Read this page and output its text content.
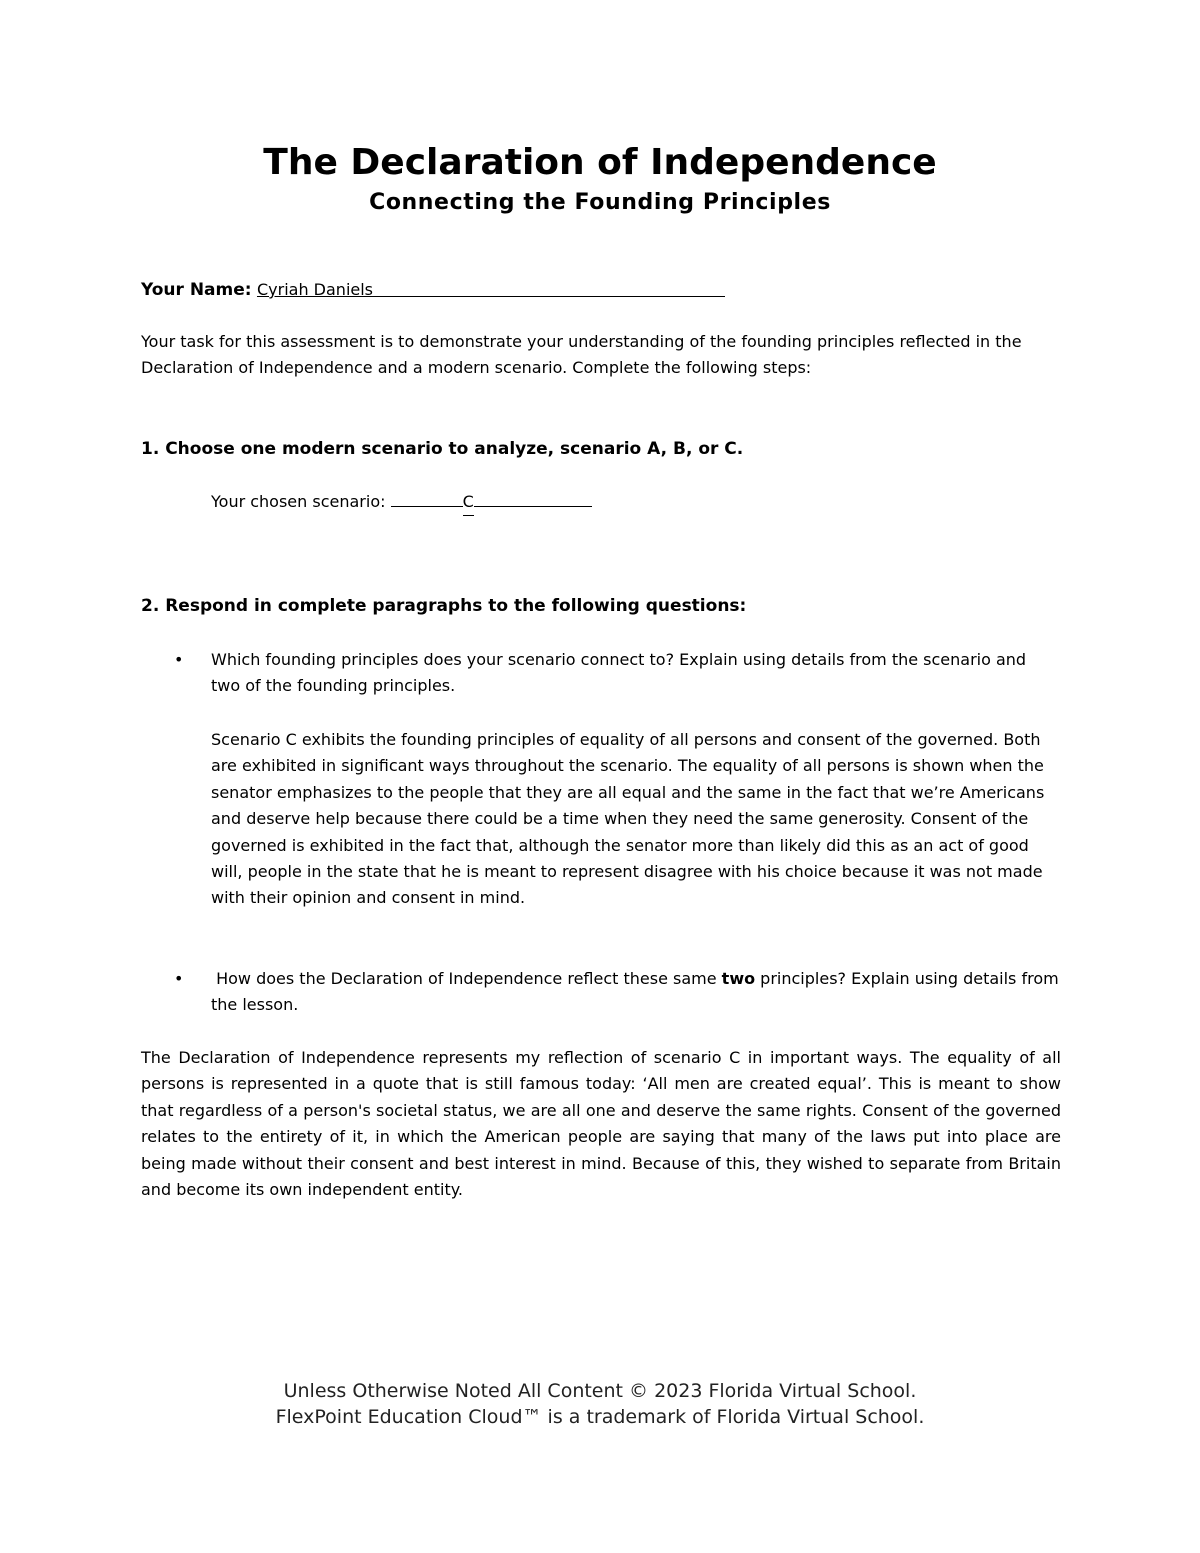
The Declaration of Independence
Connecting the Founding Principles
Your Name: Cyriah Daniels

Your task for this assessment is to demonstrate your understanding of the founding principles reflected in the Declaration of Independence and a modern scenario. Complete the following steps:

1. Choose one modern scenario to analyze, scenario A, B, or C.

Your chosen scenario:	C

2. Respond in complete paragraphs to the following questions:

• Which founding principles does your scenario connect to? Explain using details from the scenario and two of the founding principles.

Scenario C exhibits the founding principles of equality of all persons and consent of the governed. Both are exhibited in significant ways throughout the scenario. The equality of all persons is shown when the senator emphasizes to the people that they are all equal and the same in the fact that we’re Americans and deserve help because there could be a time when they need the same generosity. Consent of the governed is exhibited in the fact that, although the senator more than likely did this as an act of good will, people in the state that he is meant to represent disagree with his choice because it was not made with their opinion and consent in mind.

•	How does the Declaration of Independence reflect these same two principles? Explain using details from the lesson.

The Declaration of Independence represents my reflection of scenario C in important ways. The equality of all persons is represented in a quote that is still famous today: ‘All men are created equal’. This is meant to show that regardless of a person's societal status, we are all one and deserve the same rights. Consent of the governed relates to the entirety of it, in which the American people are saying that many of the laws put into place are being made without their consent and best interest in mind. Because of this, they wished to separate from Britain and become its own independent entity.

Unless Otherwise Noted All Content © 2023 Florida Virtual School.
FlexPoint Education Cloud™ is a trademark of Florida Virtual School.
